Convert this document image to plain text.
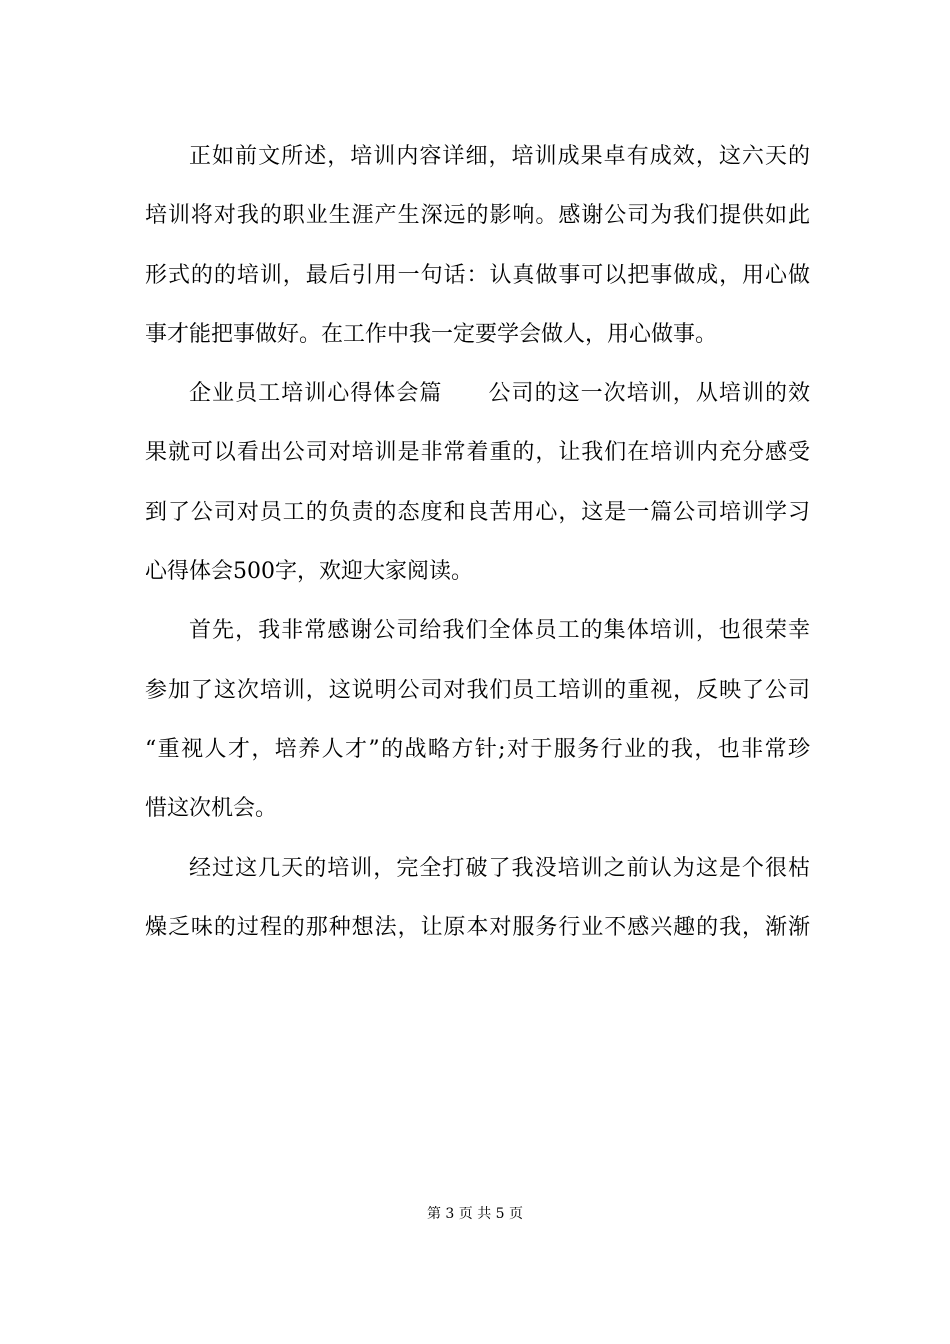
正如前文所述，培训内容详细，培训成果卓有成效，这六天的

培训将对我的职业生涯产生深远的影响。感谢公司为我们提供如此

形式的的培训，最后引用一句话：认真做事可以把事做成，用心做

事才能把事做好。在工作中我一定要学会做人，用心做事。

企业员工培训心得体会篇　　公司的这一次培训，从培训的效

果就可以看出公司对培训是非常着重的，让我们在培训内充分感受

到了公司对员工的负责的态度和良苦用心，这是一篇公司培训学习

心得体会500字，欢迎大家阅读。

首先，我非常感谢公司给我们全体员工的集体培训，也很荣幸

参加了这次培训，这说明公司对我们员工培训的重视，反映了公司

“重视人才，培养人才”的战略方针;对于服务行业的我，也非常珍

惜这次机会。

经过这几天的培训，完全打破了我没培训之前认为这是个很枯

燥乏味的过程的那种想法，让原本对服务行业不感兴趣的我，渐渐

第 3 页 共 5 页
